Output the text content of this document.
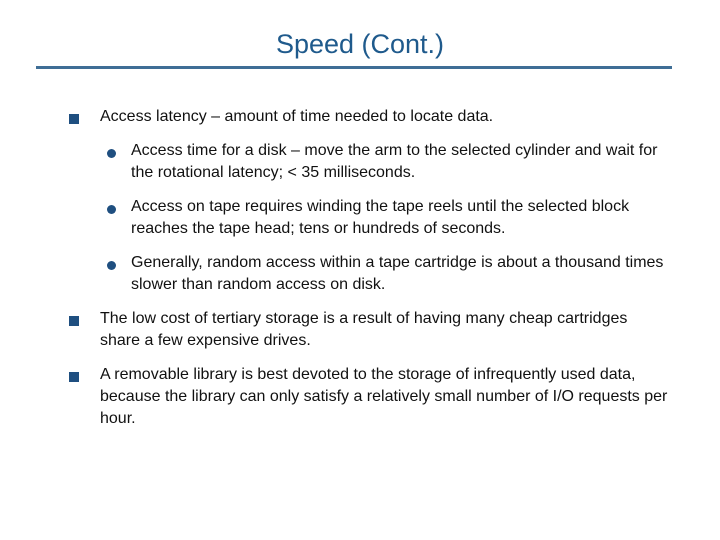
Speed (Cont.)
Access latency – amount of time needed to locate data.
Access time for a disk – move the arm to the selected cylinder and wait for the rotational latency; < 35 milliseconds.
Access on tape requires winding the tape reels until the selected block reaches the tape head; tens or hundreds of seconds.
Generally, random access within a tape cartridge is about a thousand times slower than random access on disk.
The low cost of tertiary storage is a result of having many cheap cartridges share a few expensive drives.
A removable library is best devoted to the storage of infrequently used data, because the library can only satisfy a relatively small number of I/O requests per hour.
